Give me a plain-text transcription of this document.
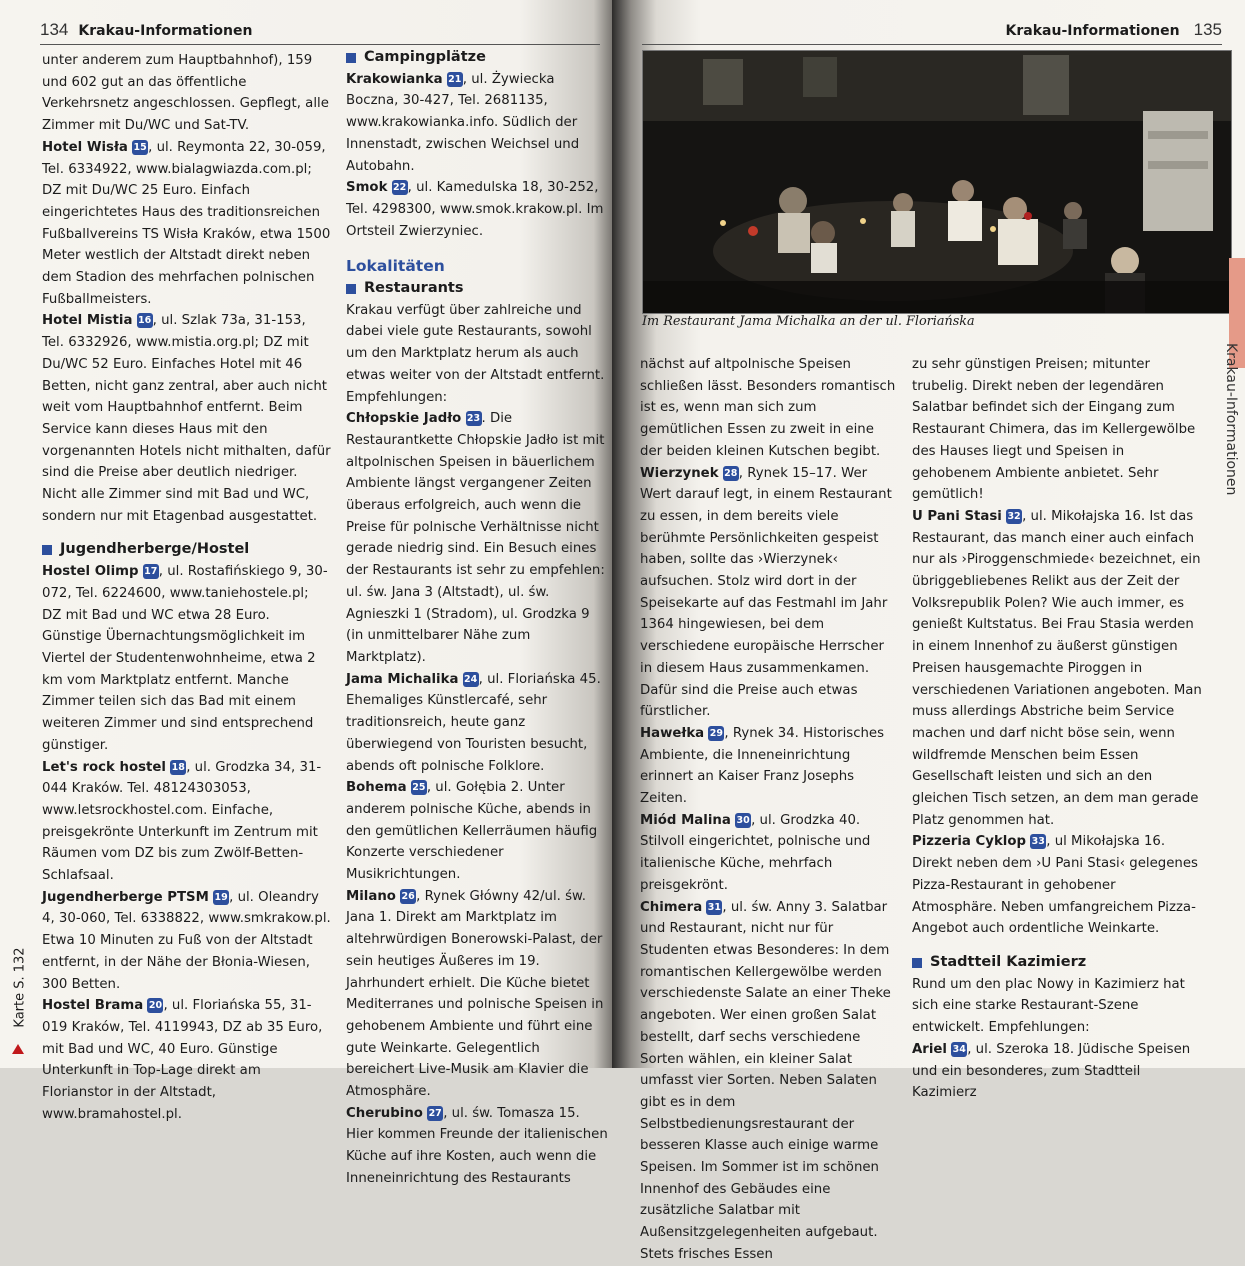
134 Krakau-Informationen

unter anderem zum Hauptbahnhof), 159 und 602 gut an das öffentliche Verkehrsnetz angeschlossen. Gepflegt, alle Zimmer mit Du/WC und Sat-TV.

Hotel Wisła 15, ul. Reymonta 22, 30-059, Tel. 6334922, www.bialagwiazda.com.pl; DZ mit Du/WC 25 Euro. Einfach eingerichtetes Haus des traditionsreichen Fußballvereins TS Wisła Kraków, etwa 1500 Meter westlich der Altstadt direkt neben dem Stadion des mehrfachen polnischen Fußballmeisters.

Hotel Mistia 16, ul. Szlak 73a, 31-153, Tel. 6332926, www.mistia.org.pl; DZ mit Du/WC 52 Euro. Einfaches Hotel mit 46 Betten, nicht ganz zentral, aber auch nicht weit vom Hauptbahnhof entfernt. Beim Service kann dieses Haus mit den vorgenannten Hotels nicht mithalten, dafür sind die Preise aber deutlich niedriger. Nicht alle Zimmer sind mit Bad und WC, sondern nur mit Etagenbad ausgestattet.

Jugendherberge/Hostel

Hostel Olimp 17, ul. Rostafińskiego 9, 30-072, Tel. 6224600, www.taniehostele.pl; DZ mit Bad und WC etwa 28 Euro. Günstige Übernachtungsmöglichkeit im Viertel der Studentenwohnheime, etwa 2 km vom Marktplatz entfernt. Manche Zimmer teilen sich das Bad mit einem weiteren Zimmer und sind entsprechend günstiger.

Let's rock hostel 18, ul. Grodzka 34, 31-044 Kraków. Tel. 48124303053, www.letsrockhostel.com. Einfache, preisgekrönte Unterkunft im Zentrum mit Räumen vom DZ bis zum Zwölf-Betten-Schlafsaal.

Jugendherberge PTSM 19, ul. Oleandry 4, 30-060, Tel. 6338822, www.smkrakow.pl. Etwa 10 Minuten zu Fuß von der Altstadt entfernt, in der Nähe der Błonia-Wiesen, 300 Betten.

Hostel Brama 20, ul. Floriańska 55, 31-019 Kraków, Tel. 4119943, DZ ab 35 Euro, mit Bad und WC, 40 Euro. Günstige Unterkunft in Top-Lage direkt am Florianstor in der Altstadt, www.bramahostel.pl.

Campingplätze

Krakowianka 21, ul. Żywiecka Boczna, 30-427, Tel. 2681135, www.krakowianka.info. Südlich der Innenstadt, zwischen Weichsel und Autobahn.

Smok 22, ul. Kamedulska 18, 30-252, Tel. 4298300, www.smok.krakow.pl. Im Ortsteil Zwierzyniec.

Lokalitäten

Restaurants

Krakau verfügt über zahlreiche und dabei viele gute Restaurants, sowohl um den Marktplatz herum als auch etwas weiter von der Altstadt entfernt. Empfehlungen:

Chłopskie Jadło 23. Die Restaurantkette Chłopskie Jadło ist mit altpolnischen Speisen in bäuerlichem Ambiente längst vergangener Zeiten überaus erfolgreich, auch wenn die Preise für polnische Verhältnisse nicht gerade niedrig sind. Ein Besuch eines der Restaurants ist sehr zu empfehlen: ul. św. Jana 3 (Altstadt), ul. św. Agnieszki 1 (Stradom), ul. Grodzka 9 (in unmittelbarer Nähe zum Marktplatz).

Jama Michalika 24, ul. Floriańska 45. Ehemaliges Künstlercafé, sehr traditionsreich, heute ganz überwiegend von Touristen besucht, abends oft polnische Folklore.

Bohema 25, ul. Gołębia 2. Unter anderem polnische Küche, abends in den gemütlichen Kellerräumen häufig Konzerte verschiedener Musikrichtungen.

Milano 26, Rynek Główny 42/ul. św. Jana 1. Direkt am Marktplatz im altehrwürdigen Bonerowski-Palast, der sein heutiges Äußeres im 19. Jahrhundert erhielt. Die Küche bietet Mediterranes und polnische Speisen in gehobenem Ambiente und führt eine gute Weinkarte. Gelegentlich bereichert Live-Musik am Klavier die Atmosphäre.

Cherubino 27, ul. św. Tomasza 15. Hier kommen Freunde der italienischen Küche auf ihre Kosten, auch wenn die Inneneinrichtung des Restaurants

Karte S. 132
Krakau-Informationen 135
Im Restaurant Jama Michalka an der ul. Floriańska

nächst auf altpolnische Speisen schließen lässt. Besonders romantisch ist es, wenn man sich zum gemütlichen Essen zu zweit in eine der beiden kleinen Kutschen begibt.

Wierzynek 28, Rynek 15–17. Wer Wert darauf legt, in einem Restaurant zu essen, in dem bereits viele berühmte Persönlichkeiten gespeist haben, sollte das ›Wierzynek‹ aufsuchen. Stolz wird dort in der Speisekarte auf das Festmahl im Jahr 1364 hingewiesen, bei dem verschiedene europäische Herrscher in diesem Haus zusammenkamen. Dafür sind die Preise auch etwas fürstlicher.

Hawełka 29, Rynek 34. Historisches Ambiente, die Inneneinrichtung erinnert an Kaiser Franz Josephs Zeiten.

Miód Malina 30, ul. Grodzka 40. Stilvoll eingerichtet, polnische und italienische Küche, mehrfach preisgekrönt.

Chimera 31, ul. św. Anny 3. Salatbar und Restaurant, nicht nur für Studenten etwas Besonderes: In dem romantischen Kellergewölbe werden verschiedenste Salate an einer Theke angeboten. Wer einen großen Salat bestellt, darf sechs verschiedene Sorten wählen, ein kleiner Salat umfasst vier Sorten. Neben Salaten gibt es in dem Selbstbedienungsrestaurant der besseren Klasse auch einige warme Speisen. Im Sommer ist im schönen Innenhof des Gebäudes eine zusätzliche Salatbar mit Außensitzgelegenheiten aufgebaut. Stets frisches Essen

zu sehr günstigen Preisen; mitunter trubelig. Direkt neben der legendären Salatbar befindet sich der Eingang zum Restaurant Chimera, das im Kellergewölbe des Hauses liegt und Speisen in gehobenem Ambiente anbietet. Sehr gemütlich!

U Pani Stasi 32, ul. Mikołajska 16. Ist das Restaurant, das manch einer auch einfach nur als ›Piroggenschmiede‹ bezeichnet, ein übriggebliebenes Relikt aus der Zeit der Volksrepublik Polen? Wie auch immer, es genießt Kultstatus. Bei Frau Stasia werden in einem Innenhof zu äußerst günstigen Preisen hausgemachte Piroggen in verschiedenen Variationen angeboten. Man muss allerdings Abstriche beim Service machen und darf nicht böse sein, wenn wildfremde Menschen beim Essen Gesellschaft leisten und sich an den gleichen Tisch setzen, an dem man gerade Platz genommen hat.

Pizzeria Cyklop 33, ul Mikołajska 16. Direkt neben dem ›U Pani Stasi‹ gelegenes Pizza-Restaurant in gehobener Atmosphäre. Neben umfangreichem Pizza-Angebot auch ordentliche Weinkarte.

Stadtteil Kazimierz

Rund um den plac Nowy in Kazimierz hat sich eine starke Restaurant-Szene entwickelt. Empfehlungen:

Ariel 34, ul. Szeroka 18. Jüdische Speisen und ein besonderes, zum Stadtteil Kazimierz

Krakau-Informationen
